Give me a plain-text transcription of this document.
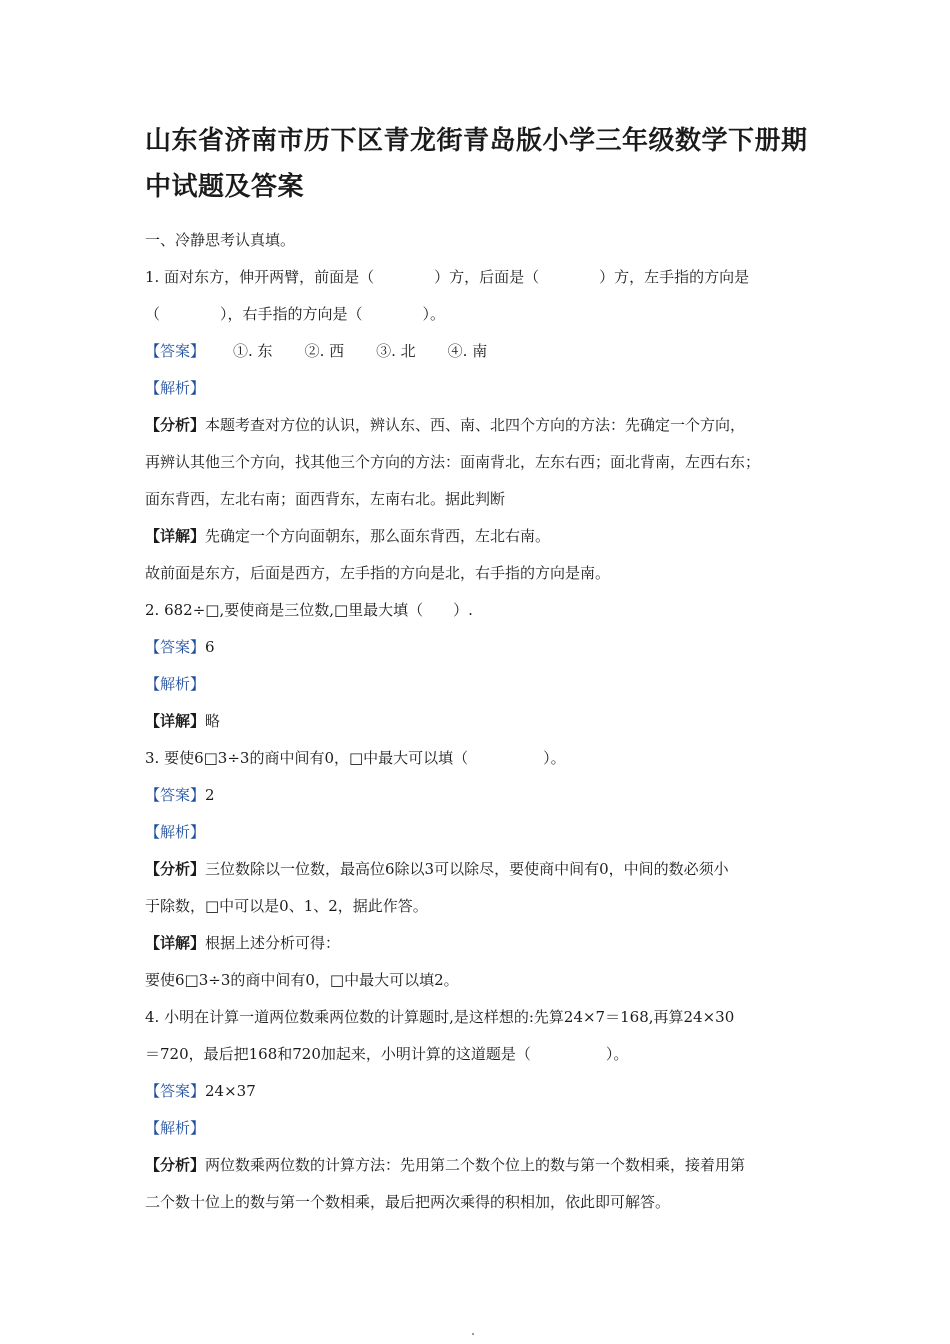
山东省济南市历下区青龙街青岛版小学三年级数学下册期
中试题及答案
一、冷静思考认真填。
1. 面对东方，伸开两臂，前面是（　　　　）方，后面是（　　　　）方，左手指的方向是
（　　　　），右手指的方向是（　　　　）。
【答案】 ①. 东 ②. 西 ③. 北 ④. 南
【解析】
【分析】本题考查对方位的认识，辨认东、西、南、北四个方向的方法：先确定一个方向，
再辨认其他三个方向，找其他三个方向的方法：面南背北，左东右西；面北背南，左西右东；
面东背西，左北右南；面西背东，左南右北。据此判断
【详解】先确定一个方向面朝东，那么面东背西，左北右南。
故前面是东方，后面是西方，左手指的方向是北，右手指的方向是南。
2. 682÷□,要使商是三位数,□里最大填（　　）.
【答案】6
【解析】
【详解】略
3. 要使6□3÷3的商中间有0，□中最大可以填（　　　　　）。
【答案】2
【解析】
【分析】三位数除以一位数，最高位6除以3可以除尽，要使商中间有0，中间的数必须小
于除数，□中可以是0、1、2，据此作答。
【详解】根据上述分析可得：
要使6□3÷3的商中间有0，□中最大可以填2。
4. 小明在计算一道两位数乘两位数的计算题时,是这样想的:先算24×7＝168,再算24×30
＝720，最后把168和720加起来，小明计算的这道题是（　　　　　）。
【答案】24×37
【解析】
【分析】两位数乘两位数的计算方法：先用第二个数个位上的数与第一个数相乘，接着用第
二个数十位上的数与第一个数相乘，最后把两次乘得的积相加，依此即可解答。
